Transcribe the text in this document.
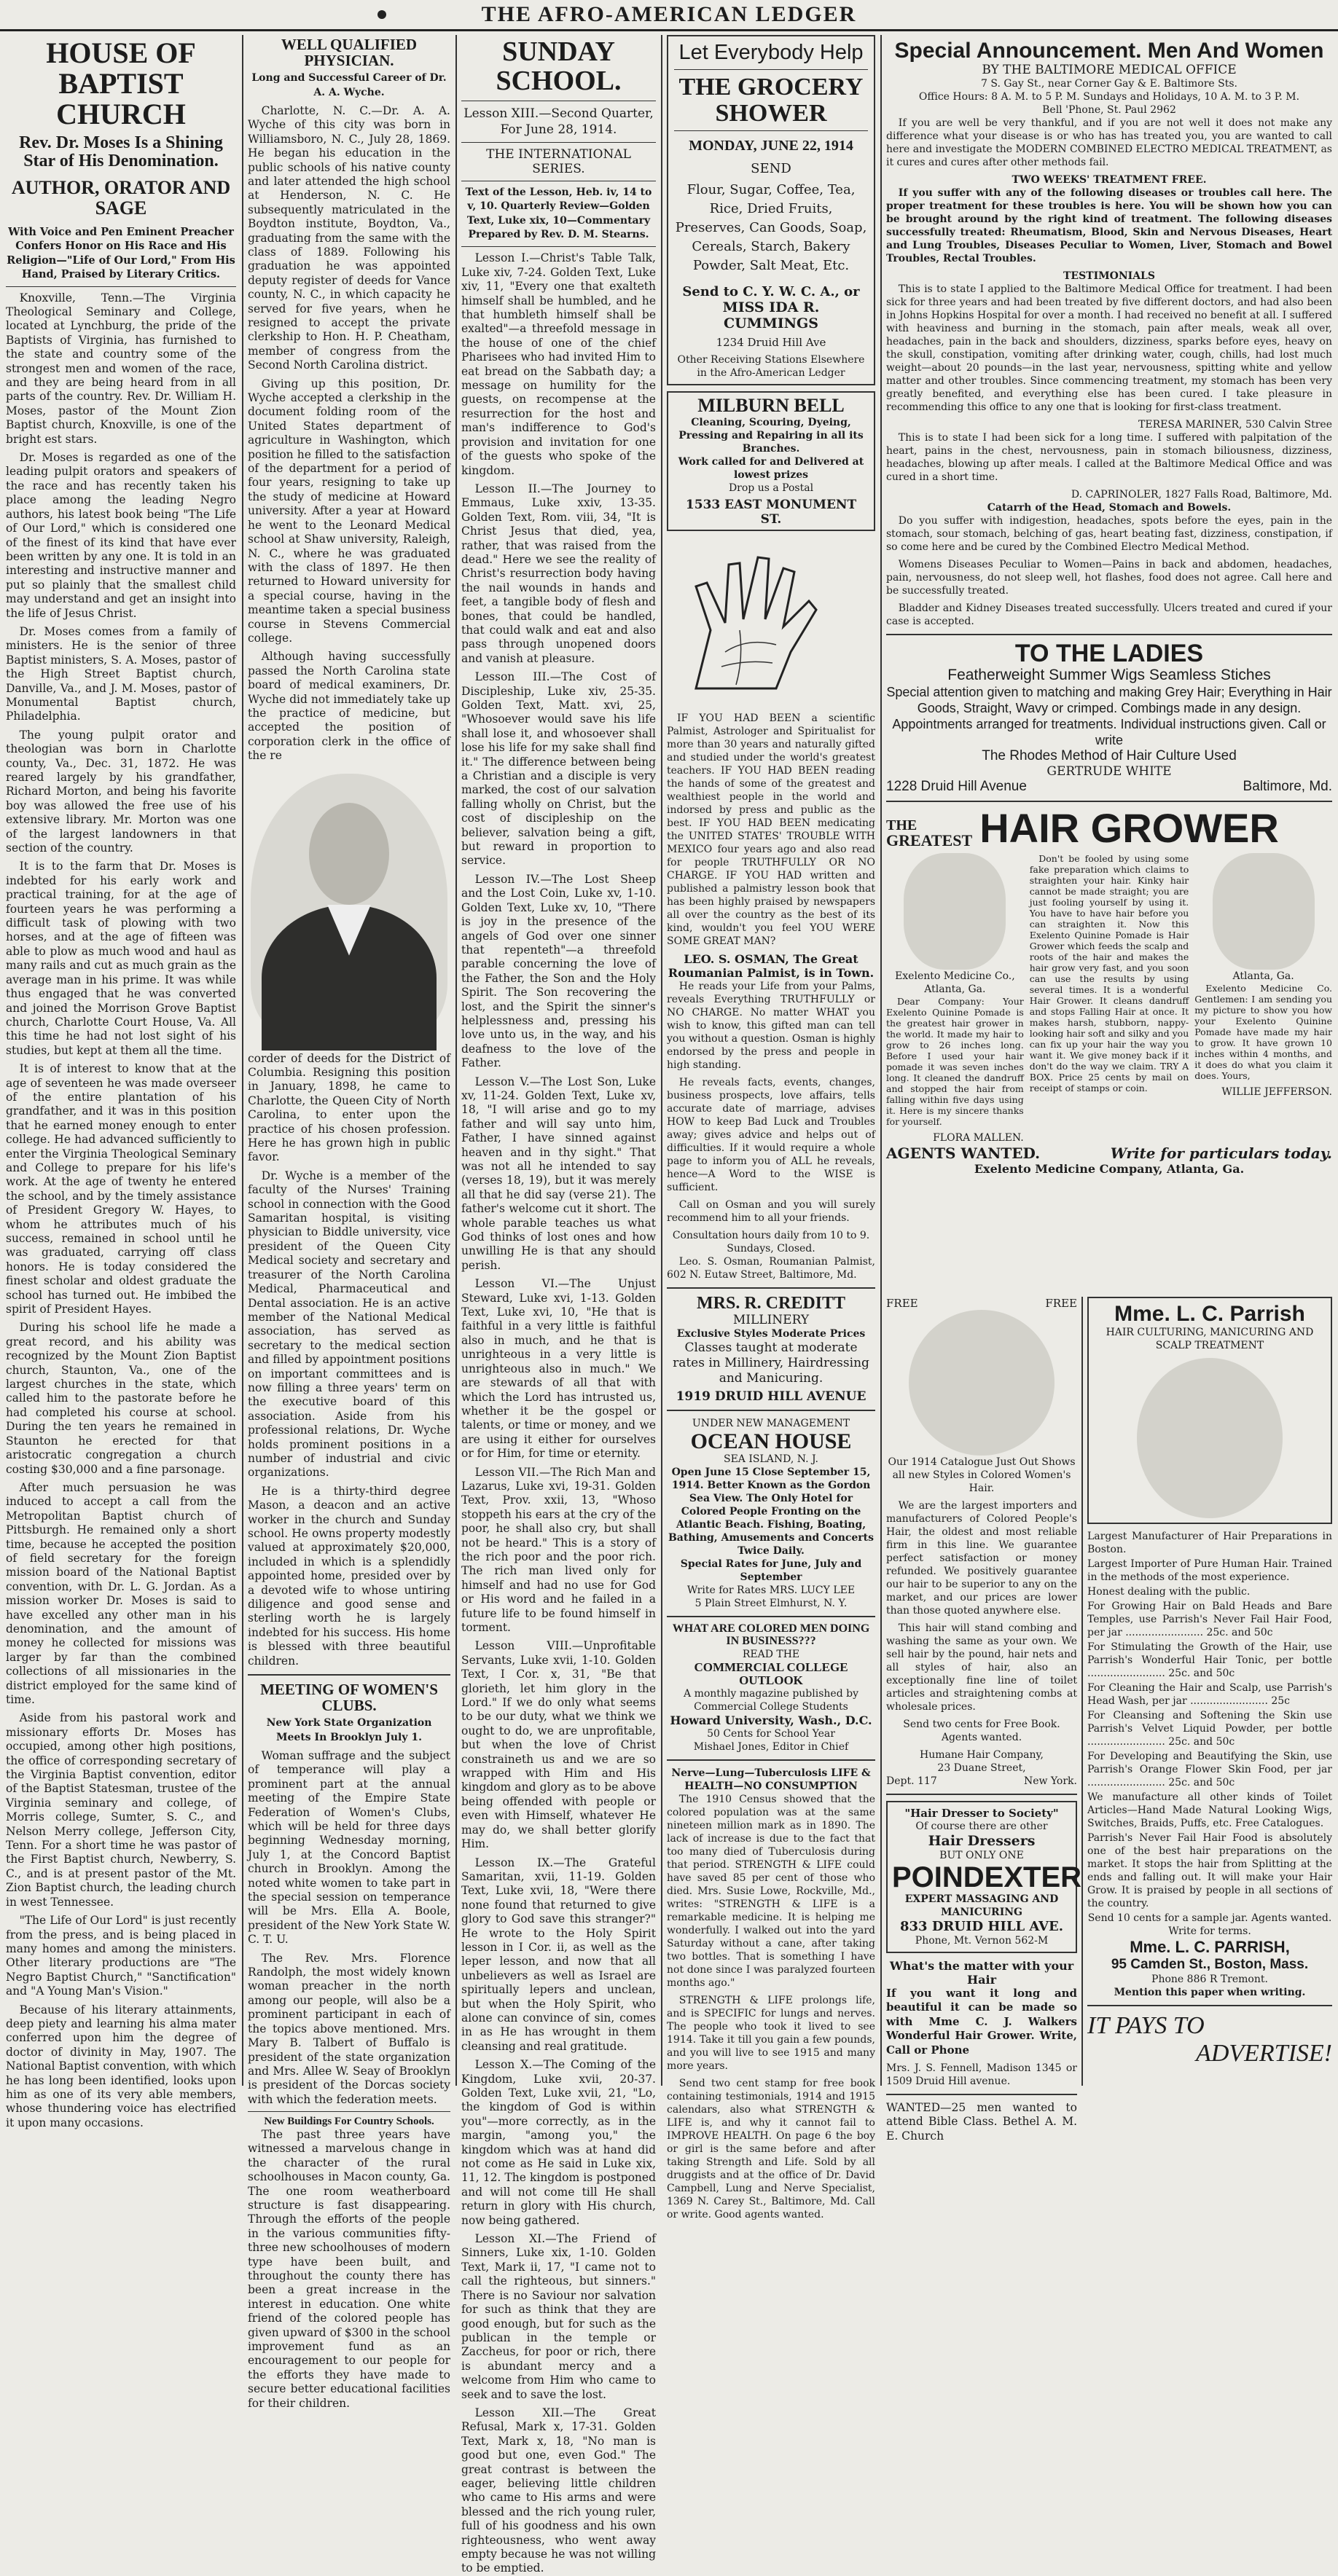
THE AFRO-AMERICAN LEDGER
HOUSE OF
BAPTIST CHURCH
Rev. Dr. Moses Is a Shining Star of His Denomination.
AUTHOR, ORATOR AND SAGE

With Voice and Pen Eminent Preacher Confers Honor on His Race and His Religion—"Life of Our Lord," From His Hand, Praised by Literary Critics.

Knoxville, Tenn.—The Virginia Theological Seminary and College, located at Lynchburg, the pride of the Baptists of Virginia, has furnished to the state and country some of the strongest men and women of the race, and they are being heard from in all parts of the country. Rev. Dr. William H. Moses, pastor of the Mount Zion Baptist church, Knoxville, is one of the bright est stars.

Dr. Moses is regarded as one of the leading pulpit orators and speakers of the race and has recently taken his place among the leading Negro authors, his latest book being "The Life of Our Lord," which is considered one of the finest of its kind that have ever been written by any one. It is told in an interesting and instructive manner and put so plainly that the smallest child may understand and get an insight into the life of Jesus Christ.

Dr. Moses comes from a family of ministers. He is the senior of three Baptist ministers, S. A. Moses, pastor of the High Street Baptist church, Danville, Va., and J. M. Moses, pastor of Monumental Baptist church, Philadelphia.

The young pulpit orator and theologian was born in Charlotte county, Va., Dec. 31, 1872. He was reared largely by his grandfather, Richard Morton, and being his favorite boy was allowed the free use of his extensive library. Mr. Morton was one of the largest landowners in that section of the country.

It is to the farm that Dr. Moses is indebted for his early work and practical training, for at the age of fourteen years he was performing a difficult task of plowing with two horses, and at the age of fifteen was able to plow as much wood and haul as many rails and cut as much grain as the average man in his prime. It was while thus engaged that he was converted and joined the Morrison Grove Baptist church, Charlotte Court House, Va. All this time he had not lost sight of his studies, but kept at them all the time.

It is of interest to know that at the age of seventeen he was made overseer of the entire plantation of his grandfather, and it was in this position that he earned money enough to enter college. He had advanced sufficiently to enter the Virginia Theological Seminary and College to prepare for his life's work. At the age of twenty he entered the school, and by the timely assistance of President Gregory W. Hayes, to whom he attributes much of his success, remained in school until he was graduated, carrying off class honors. He is today considered the finest scholar and oldest graduate the school has turned out. He imbibed the spirit of President Hayes.

During his school life he made a great record, and his ability was recognized by the Mount Zion Baptist church, Staunton, Va., one of the largest churches in the state, which called him to the pastorate before he had completed his course at school. During the ten years he remained in Staunton he erected for that aristocratic congregation a church costing $30,000 and a fine parsonage.

After much persuasion he was induced to accept a call from the Metropolitan Baptist church of Pittsburgh. He remained only a short time, because he accepted the position of field secretary for the foreign mission board of the National Baptist convention, with Dr. L. G. Jordan. As a mission worker Dr. Moses is said to have excelled any other man in his denomination, and the amount of money he collected for missions was larger by far than the combined collections of all missionaries in the district employed for the same kind of time.

Aside from his pastoral work and missionary efforts Dr. Moses has occupied, among other high positions, the office of corresponding secretary of the Virginia Baptist convention, editor of the Baptist Statesman, trustee of the Virginia seminary and college, of Morris college, Sumter, S. C., and Nelson Merry college, Jefferson City, Tenn. For a short time he was pastor of the First Baptist church, Newberry, S. C., and is at present pastor of the Mt. Zion Baptist church, the leading church in west Tennessee.

"The Life of Our Lord" is just recently from the press, and is being placed in many homes and among the ministers. Other literary productions are "The Negro Baptist Church," "Sanctification" and "A Young Man's Vision."

Because of his literary attainments, deep piety and learning his alma mater conferred upon him the degree of doctor of divinity in May, 1907. The National Baptist convention, with which he has long been identified, looks upon him as one of its very able members, whose thundering voice has electrified it upon many occasions.

WELL QUALIFIED PHYSICIAN.

Long and Successful Career of Dr. A. A. Wyche.

Charlotte, N. C.—Dr. A. A. Wyche of this city was born in Williamsboro, N. C., July 28, 1869. He began his education in the public schools of his native county and later attended the high school at Henderson, N. C. He subsequently matriculated in the Boydton institute, Boydton, Va., graduating from the same with the class of 1889. Following his graduation he was appointed deputy register of deeds for Vance county, N. C., in which capacity he served for five years, when he resigned to accept the private clerkship to Hon. H. P. Cheatham, member of congress from the Second North Carolina district.

Giving up this position, Dr. Wyche accepted a clerkship in the document folding room of the United States department of agriculture in Washington, which position he filled to the satisfaction of the department for a period of four years, resigning to take up the study of medicine at Howard university. After a year at Howard he went to the Leonard Medical school at Shaw university, Raleigh, N. C., where he was graduated with the class of 1897. He then returned to Howard university for a special course, having in the meantime taken a special business course in Stevens Commercial college.

Although having successfully passed the North Carolina state board of medical examiners, Dr. Wyche did not immediately take up the practice of medicine, but accepted the position of corporation clerk in the office of the re

corder of deeds for the District of Columbia. Resigning this position in January, 1898, he came to Charlotte, the Queen City of North Carolina, to enter upon the practice of his chosen profession. Here he has grown high in public favor.

Dr. Wyche is a member of the faculty of the Nurses' Training school in connection with the Good Samaritan hospital, is visiting physician to Biddle university, vice president of the Queen City Medical society and secretary and treasurer of the North Carolina Medical, Pharmaceutical and Dental association. He is an active member of the National Medical association, has served as secretary to the medical section and filled by appointment positions on important committees and is now filling a three years' term on the executive board of this association. Aside from his professional relations, Dr. Wyche holds prominent positions in a number of industrial and civic organizations.

He is a thirty-third degree Mason, a deacon and an active worker in the church and Sunday school. He owns property modestly valued at approximately $20,000, included in which is a splendidly appointed home, presided over by a devoted wife to whose untiring diligence and good sense and sterling worth he is largely indebted for his success. His home is blessed with three beautiful children.

MEETING OF WOMEN'S CLUBS.

New York State Organization Meets In Brooklyn July 1.

Woman suffrage and the subject of temperance will play a prominent part at the annual meeting of the Empire State Federation of Women's Clubs, which will be held for three days beginning Wednesday morning, July 1, at the Concord Baptist church in Brooklyn. Among the noted white women to take part in the special session on temperance will be Mrs. Ella A. Boole, president of the New York State W. C. T. U.

The Rev. Mrs. Florence Randolph, the most widely known woman preacher in the north among our people, will also be a prominent participant in each of the topics above mentioned. Mrs. Mary B. Talbert of Buffalo is president of the state organization and Mrs. Allee W. Seay of Brooklyn is president of the Dorcas society with which the federation meets.

New Buildings For Country Schools.

The past three years have witnessed a marvelous change in the character of the rural schoolhouses in Macon county, Ga. The one room weatherboard structure is fast disappearing. Through the efforts of the people in the various communities fifty-three new schoolhouses of modern type have been built, and throughout the county there has been a great increase in the interest in education. One white friend of the colored people has given upward of $300 in the school improvement fund as an encouragement to our people for the efforts they have made to secure better educational facilities for their children.

SUNDAY SCHOOL.
Lesson XIII.—Second Quarter, For June 28, 1914.
THE INTERNATIONAL SERIES.

Text of the Lesson, Heb. iv, 14 to v, 10. Quarterly Review—Golden Text, Luke xix, 10—Commentary Prepared by Rev. D. M. Stearns.

Lesson I.—Christ's Table Talk, Luke xiv, 7-24. Golden Text, Luke xiv, 11, "Every one that exalteth himself shall be humbled, and he that humbleth himself shall be exalted"—a threefold message in the house of one of the chief Pharisees who had invited Him to eat bread on the Sabbath day; a message on humility for the guests, on recompense at the resurrection for the host and man's indifference to God's provision and invitation for one of the guests who spoke of the kingdom.

Lesson II.—The Journey to Emmaus, Luke xxiv, 13-35. Golden Text, Rom. viii, 34, "It is Christ Jesus that died, yea, rather, that was raised from the dead." Here we see the reality of Christ's resurrection body having the nail wounds in hands and feet, a tangible body of flesh and bones, that could be handled, that could walk and eat and also pass through unopened doors and vanish at pleasure.

Lesson III.—The Cost of Discipleship, Luke xiv, 25-35. Golden Text, Matt. xvi, 25, "Whosoever would save his life shall lose it, and whosoever shall lose his life for my sake shall find it." The difference between being a Christian and a disciple is very marked, the cost of our salvation falling wholly on Christ, but the cost of discipleship on the believer, salvation being a gift, but reward in proportion to service.

Lesson IV.—The Lost Sheep and the Lost Coin, Luke xv, 1-10. Golden Text, Luke xv, 10, "There is joy in the presence of the angels of God over one sinner that repenteth"—a threefold parable concerning the love of the Father, the Son and the Holy Spirit. The Son recovering the lost, and the Spirit the sinner's helplessness and, pressing his love unto us, in the way, and his deafness to the love of the Father.

Lesson V.—The Lost Son, Luke xv, 11-24. Golden Text, Luke xv, 18, "I will arise and go to my father and will say unto him, Father, I have sinned against heaven and in thy sight." That was not all he intended to say (verses 18, 19), but it was merely all that he did say (verse 21). The father's welcome cut it short. The whole parable teaches us what God thinks of lost ones and how unwilling He is that any should perish.

Lesson VI.—The Unjust Steward, Luke xvi, 1-13. Golden Text, Luke xvi, 10, "He that is faithful in a very little is faithful also in much, and he that is unrighteous in a very little is unrighteous also in much." We are stewards of all that with which the Lord has intrusted us, whether it be the gospel or talents, or time or money, and we are using it either for ourselves or for Him, for time or eternity.

Lesson VII.—The Rich Man and Lazarus, Luke xvi, 19-31. Golden Text, Prov. xxii, 13, "Whoso stoppeth his ears at the cry of the poor, he shall also cry, but shall not be heard." This is a story of the rich poor and the poor rich. The rich man lived only for himself and had no use for God or His word and he failed in a future life to be found himself in torment.

Lesson VIII.—Unprofitable Servants, Luke xvii, 1-10. Golden Text, I Cor. x, 31, "Be that glorieth, let him glory in the Lord." If we do only what seems to be our duty, what we think we ought to do, we are unprofitable, but when the love of Christ constraineth us and we are so wrapped with Him and His kingdom and glory as to be above being offended with people or even with Himself, whatever He may do, we shall better glorify Him.

Lesson IX.—The Grateful Samaritan, xvii, 11-19. Golden Text, Luke xvii, 18, "Were there none found that returned to give glory to God save this stranger?" He wrote to the Holy Spirit lesson in I Cor. ii, as well as the leper lesson, and now that all unbelievers as well as Israel are spiritually lepers and unclean, but when the Holy Spirit, who alone can convince of sin, comes in as He has wrought in them cleansing and real gratitude.

Lesson X.—The Coming of the Kingdom, Luke xvii, 20-37. Golden Text, Luke xvii, 21, "Lo, the kingdom of God is within you"—more correctly, as in the margin, "among you," the kingdom which was at hand did not come as He said in Luke xix, 11, 12. The kingdom is postponed and will not come till He shall return in glory with His church, now being gathered.

Lesson XI.—The Friend of Sinners, Luke xix, 1-10. Golden Text, Mark ii, 17, "I came not to call the righteous, but sinners." There is no Saviour nor salvation for such as think that they are good enough, but for such as the publican in the temple or Zaccheus, for poor or rich, there is abundant mercy and a welcome from Him who came to seek and to save the lost.

Lesson XII.—The Great Refusal, Mark x, 17-31. Golden Text, Mark x, 18, "No man is good but one, even God." The great contrast is between the eager, believing little children who came to His arms and were blessed and the rich young ruler, full of his goodness and his own righteousness, who went away empty because he was not willing to be emptied.

Let Everybody Help
THE GROCERY SHOWER
MONDAY, JUNE 22, 1914
SEND
Flour, Sugar, Coffee, Tea, Rice, Dried Fruits, Preserves, Can Goods, Soap, Cereals, Starch, Bakery Powder, Salt Meat, Etc.
Send to C. Y. W. C. A., or
MISS IDA R. CUMMINGS
1234 Druid Hill Ave
Other Receiving Stations Elsewhere in the Afro-American Ledger
MILBURN BELL
Cleaning, Scouring, Dyeing, Pressing and Repairing in all its Branches.
Work called for and Delivered at lowest prizes
Drop us a Postal
1533 EAST MONUMENT ST.

IF YOU HAD BEEN a scientific Palmist, Astrologer and Spiritualist for more than 30 years and naturally gifted and studied under the world's greatest teachers. IF YOU HAD BEEN reading the hands of some of the greatest and wealthiest people in the world and indorsed by press and public as the best. IF YOU HAD BEEN medicating the UNITED STATES' TROUBLE WITH MEXICO four years ago and also read for people TRUTHFULLY OR NO CHARGE. IF YOU HAD written and published a palmistry lesson book that has been highly praised by newspapers all over the country as the best of its kind, wouldn't you feel YOU WERE SOME GREAT MAN?

LEO. S. OSMAN, The Great Roumanian Palmist, is in Town.

He reads your Life from your Palms, reveals Everything TRUTHFULLY or NO CHARGE. No matter WHAT you wish to know, this gifted man can tell you without a question. Osman is highly endorsed by the press and people in high standing.

He reveals facts, events, changes, business prospects, love affairs, tells accurate date of marriage, advises HOW to keep Bad Luck and Troubles away; gives advice and helps out of difficulties. If it would require a whole page to inform you of ALL he reveals, hence—A Word to the WISE is sufficient.

Call on Osman and you will surely recommend him to all your friends.

Consultation hours daily from 10 to 9. Sundays, Closed.

Leo. S. Osman, Roumanian Palmist, 602 N. Eutaw Street, Baltimore, Md.

MRS. R. CREDITT
MILLINERY
Exclusive Styles Moderate Prices
Classes taught at moderate rates in Millinery, Hairdressing and Manicuring.
1919 DRUID HILL AVENUE
UNDER NEW MANAGEMENT
OCEAN HOUSE
SEA ISLAND, N. J.
Open June 15 Close September 15, 1914. Better Known as the Gordon Sea View. The Only Hotel for Colored People Fronting on the Atlantic Beach. Fishing, Boating, Bathing, Amusements and Concerts Twice Daily.
Special Rates for June, July and September
Write for Rates MRS. LUCY LEE
5 Plain Street Elmhurst, N. Y.
WHAT ARE COLORED MEN DOING IN BUSINESS???
READ THE
COMMERCIAL COLLEGE OUTLOOK
A monthly magazine published by Commercial College Students
Howard University, Wash., D.C.
50 Cents for School Year
Mishael Jones, Editor in Chief
Nerve—Lung—Tuberculosis LIFE & HEALTH—NO CONSUMPTION

The 1910 Census showed that the colored population was at the same nineteen million mark as in 1890. The lack of increase is due to the fact that too many died of Tuberculosis during that period. STRENGTH & LIFE could have saved 85 per cent of those who died. Mrs. Susie Lowe, Rockville, Md., writes: "STRENGTH & LIFE is a remarkable medicine. It is helping me wonderfully. I walked out into the yard Saturday without a cane, after taking two bottles. That is something I have not done since I was paralyzed fourteen months ago."

STRENGTH & LIFE prolongs life, and is SPECIFIC for lungs and nerves. The people who took it lived to see 1914. Take it till you gain a few pounds, and you will live to see 1915 and many more years.

Send two cent stamp for free book containing testimonials, 1914 and 1915 calendars, also what STRENGTH & LIFE is, and why it cannot fail to IMPROVE HEALTH. On page 6 the boy or girl is the same before and after taking Strength and Life. Sold by all druggists and at the office of Dr. David Campbell, Lung and Nerve Specialist, 1369 N. Carey St., Baltimore, Md. Call or write. Good agents wanted.

Special Announcement. Men And Women
BY THE BALTIMORE MEDICAL OFFICE
7 S. Gay St., near Corner Gay & E. Baltimore Sts.
Office Hours: 8 A. M. to 5 P. M. Sundays and Holidays, 10 A. M. to 3 P. M.
Bell 'Phone, St. Paul 2962

If you are well be very thankful, and if you are not well it does not make any difference what your disease is or who has has treated you, you are wanted to call here and investigate the MODERN COMBINED ELECTRO MEDICAL TREATMENT, as it cures and cures after other methods fail.

TWO WEEKS' TREATMENT FREE.

If you suffer with any of the following diseases or troubles call here. The proper treatment for these troubles is here. You will be shown how you can be brought around by the right kind of treatment. The following diseases successfully treated: Rheumatism, Blood, Skin and Nervous Diseases, Heart and Lung Troubles, Diseases Peculiar to Women, Liver, Stomach and Bowel Troubles, Rectal Troubles.

TESTIMONIALS

This is to state I applied to the Baltimore Medical Office for treatment. I had been sick for three years and had been treated by five different doctors, and had also been in Johns Hopkins Hospital for over a month. I had received no benefit at all. I suffered with heaviness and burning in the stomach, pain after meals, weak all over, headaches, pain in the back and shoulders, dizziness, sparks before eyes, heavy on the skull, constipation, vomiting after drinking water, cough, chills, had lost much weight—about 20 pounds—in the last year, nervousness, spitting white and yellow matter and other troubles. Since commencing treatment, my stomach has been very greatly benefited, and everything else has been cured. I take pleasure in recommending this office to any one that is looking for first-class treatment.

TERESA MARINER, 530 Calvin Stree

This is to state I had been sick for a long time. I suffered with palpitation of the heart, pains in the chest, nervousness, pain in stomach biliousness, dizziness, headaches, blowing up after meals. I called at the Baltimore Medical Office and was cured in a short time.

D. CAPRINOLER, 1827 Falls Road, Baltimore, Md.
Catarrh of the Head, Stomach and Bowels.

Do you suffer with indigestion, headaches, spots before the eyes, pain in the stomach, sour stomach, belching of gas, heart beating fast, dizziness, constipation, if so come here and be cured by the Combined Electro Medical Method.

Womens Diseases Peculiar to Women—Pains in back and abdomen, headaches, pain, nervousness, do not sleep well, hot flashes, food does not agree. Call here and be successfully treated.

Bladder and Kidney Diseases treated successfully. Ulcers treated and cured if your case is accepted.

TO THE LADIES
Featherweight Summer Wigs Seamless Stiches
Special attention given to matching and making Grey Hair; Everything in Hair Goods, Straight, Wavy or crimped. Combings made in any design. Appointments arranged for treatments. Individual instructions given. Call or write
The Rhodes Method of Hair Culture Used
GERTRUDE WHITE
1228 Druid Hill Avenue	Baltimore, Md.
THE
GREATEST HAIR GROWER
Exelento Medicine Co., Atlanta, Ga.

Dear Company: Your Exelento Quinine Pomade is the greatest hair grower in the world. It made my hair to grow to 26 inches long. Before I used your hair pomade it was seven inches long. It cleaned the dandruff and stopped the hair from falling within five days using it. Here is my sincere thanks for yourself.

FLORA MALLEN.

Don't be fooled by using some fake preparation which claims to straighten your hair. Kinky hair cannot be made straight; you are just fooling yourself by using it. You have to have hair before you can straighten it. Now this Exelento Quinine Pomade is Hair Grower which feeds the scalp and roots of the hair and makes the hair grow very fast, and you soon can use the results by using several times. It is a wonderful Hair Grower. It cleans dandruff and stops Falling Hair at once. It makes harsh, stubborn, nappy-looking hair soft and silky and you can fix up your hair the way you want it. We give money back if it don't do the way we claim. TRY A BOX. Price 25 cents by mail on receipt of stamps or coin.

Atlanta, Ga.

Exelento Medicine Co. Gentlemen: I am sending you my picture to show you how your Exelento Quinine Pomade have made my hair to grow. It have grown 10 inches within 4 months, and it does do what you claim it does. Yours,

WILLIE JEFFERSON.
AGENTS WANTED.	Write for particulars today.
Exelento Medicine Company, Atlanta, Ga.
FREE	FREE

Our 1914 Catalogue Just Out Shows all new Styles in Colored Women's Hair.

We are the largest importers and manufacturers of Colored People's Hair, the oldest and most reliable firm in this line. We guarantee perfect satisfaction or money refunded. We positively guarantee our hair to be superior to any on the market, and our prices are lower than those quoted anywhere else.

This hair will stand combing and washing the same as your own. We sell hair by the pound, hair nets and all styles of hair, also an exceptionally fine line of toilet articles and straightening combs at wholesale prices.

Send two cents for Free Book. Agents wanted.

Humane Hair Company,
23 Duane Street,
Dept. 117	New York.
"Hair Dresser to Society"
Of course there are other
Hair Dressers
BUT ONLY ONE
POINDEXTER
EXPERT MASSAGING AND MANICURING
833 DRUID HILL AVE.
Phone, Mt. Vernon 562-M
What's the matter with your Hair

If you want it long and beautiful it can be made so with Mme C. J. Walkers Wonderful Hair Grower. Write, Call or Phone

Mrs. J. S. Fennell, Madison 1345 or 1509 Druid Hill avenue.

WANTED—25 men wanted to attend Bible Class. Bethel A. M. E. Church

Mme. L. C. Parrish
HAIR CULTURING, MANICURING AND SCALP TREATMENT

Largest Manufacturer of Hair Preparations in Boston.

Largest Importer of Pure Human Hair. Trained in the methods of the most experience.

Honest dealing with the public.

For Growing Hair on Bald Heads and Bare Temples, use Parrish's Never Fail Hair Food, per jar ........................ 25c. and 50c

For Stimulating the Growth of the Hair, use Parrish's Wonderful Hair Tonic, per bottle ........................ 25c. and 50c

For Cleaning the Hair and Scalp, use Parrish's Head Wash, per jar ........................ 25c

For Cleansing and Softening the Skin use Parrish's Velvet Liquid Powder, per bottle ........................ 25c. and 50c

For Developing and Beautifying the Skin, use Parrish's Orange Flower Skin Food, per jar ........................ 25c. and 50c

We manufacture all other kinds of Toilet Articles—Hand Made Natural Looking Wigs, Switches, Braids, Puffs, etc. Free Catalogues.

Parrish's Never Fail Hair Food is absolutely one of the best hair preparations on the market. It stops the hair from Splitting at the ends and falling out. It will make your Hair Grow. It is praised by people in all sections of the country.

Send 10 cents for a sample jar. Agents wanted. Write for terms.
Mme. L. C. PARRISH,
95 Camden St., Boston, Mass.
Phone 886 R Tremont.
Mention this paper when writing.
IT PAYS TO
ADVERTISE!
